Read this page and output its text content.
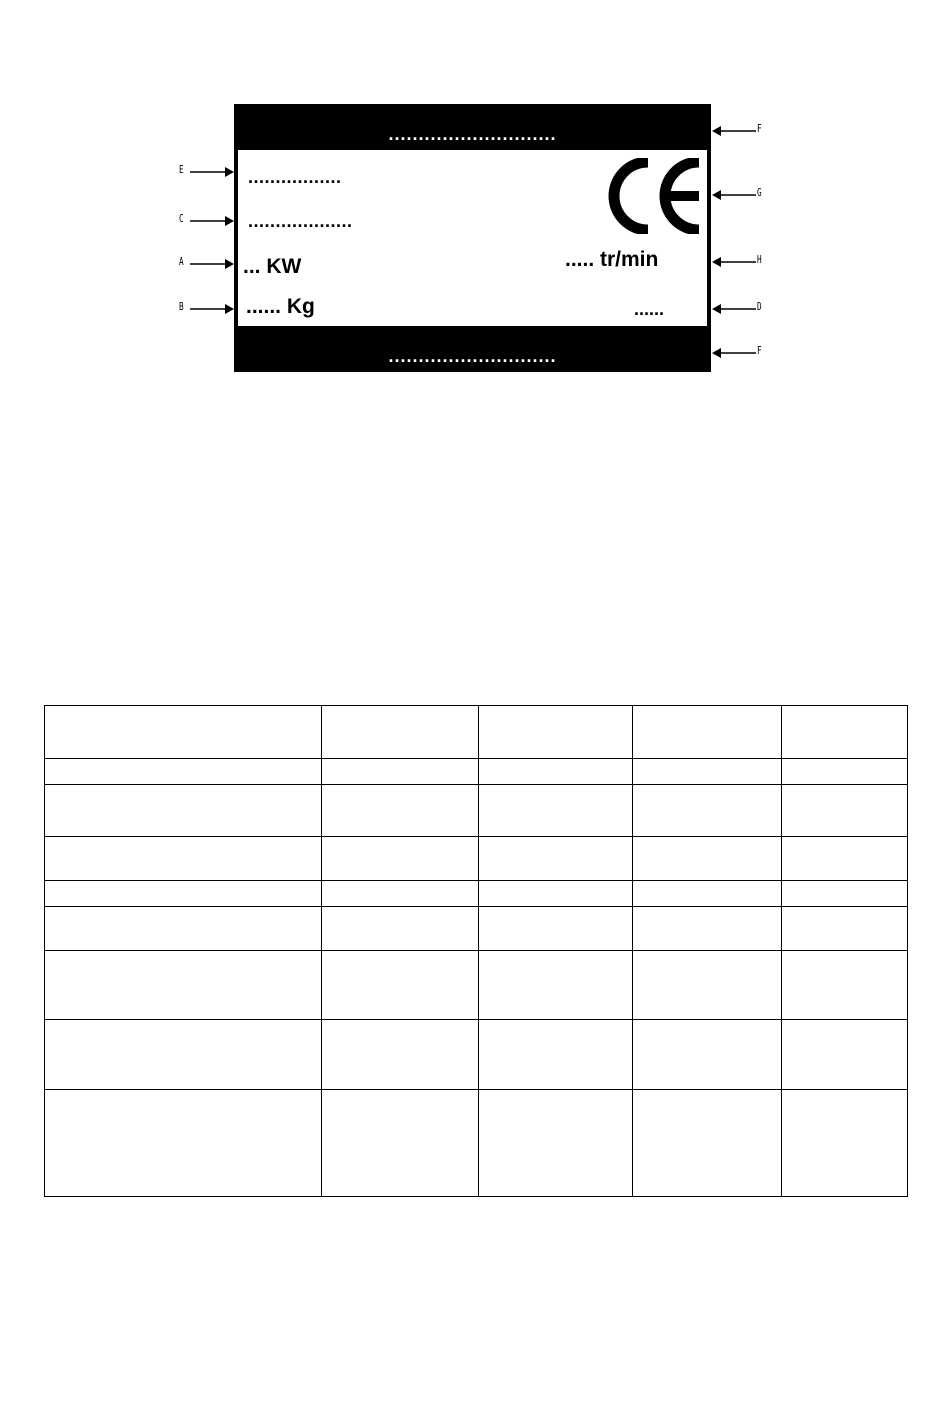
............................
.................
...................
... KW
...... Kg
..... tr/min
......
............................
E
C
A
B
F
G
H
D
F
